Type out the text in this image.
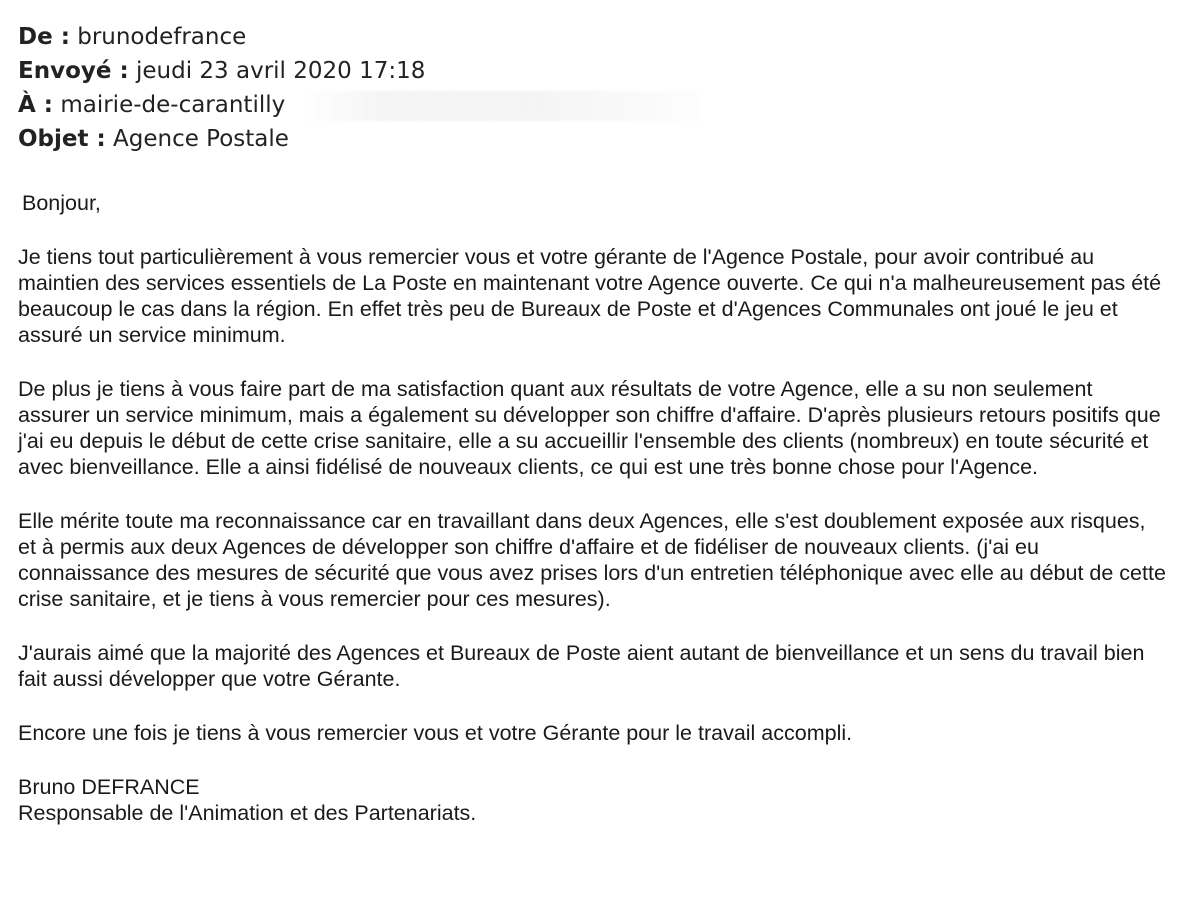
De : brunodefrance
Envoyé : jeudi 23 avril 2020 17:18
À : mairie-de-carantilly
Objet : Agence Postale

Bonjour,

Je tiens tout particulièrement à vous remercier vous et votre gérante de l'Agence Postale, pour avoir contribué au maintien des services essentiels de La Poste en maintenant votre Agence ouverte. Ce qui n'a malheureusement pas été beaucoup le cas dans la région. En effet très peu de Bureaux de Poste et d'Agences Communales ont joué le jeu et assuré un service minimum.

De plus je tiens à vous faire part de ma satisfaction quant aux résultats de votre Agence, elle a su non seulement assurer un service minimum, mais a également su développer son chiffre d'affaire. D'après plusieurs retours positifs que j'ai eu depuis le début de cette crise sanitaire, elle a su accueillir l'ensemble des clients (nombreux) en toute sécurité et avec bienveillance. Elle a ainsi fidélisé de nouveaux clients, ce qui est une très bonne chose pour l'Agence.

Elle mérite toute ma reconnaissance car en travaillant dans deux Agences, elle s'est doublement exposée aux risques, et à permis aux deux Agences de développer son chiffre d'affaire et de fidéliser de nouveaux clients. (j'ai eu connaissance des mesures de sécurité que vous avez prises lors d'un entretien téléphonique avec elle au début de cette crise sanitaire, et je tiens à vous remercier pour ces mesures).

J'aurais aimé que la majorité des Agences et Bureaux de Poste aient autant de bienveillance et un sens du travail bien fait aussi développer que votre Gérante.

Encore une fois je tiens à vous remercier vous et votre Gérante pour le travail accompli.

Bruno DEFRANCE

Responsable de l'Animation et des Partenariats.
